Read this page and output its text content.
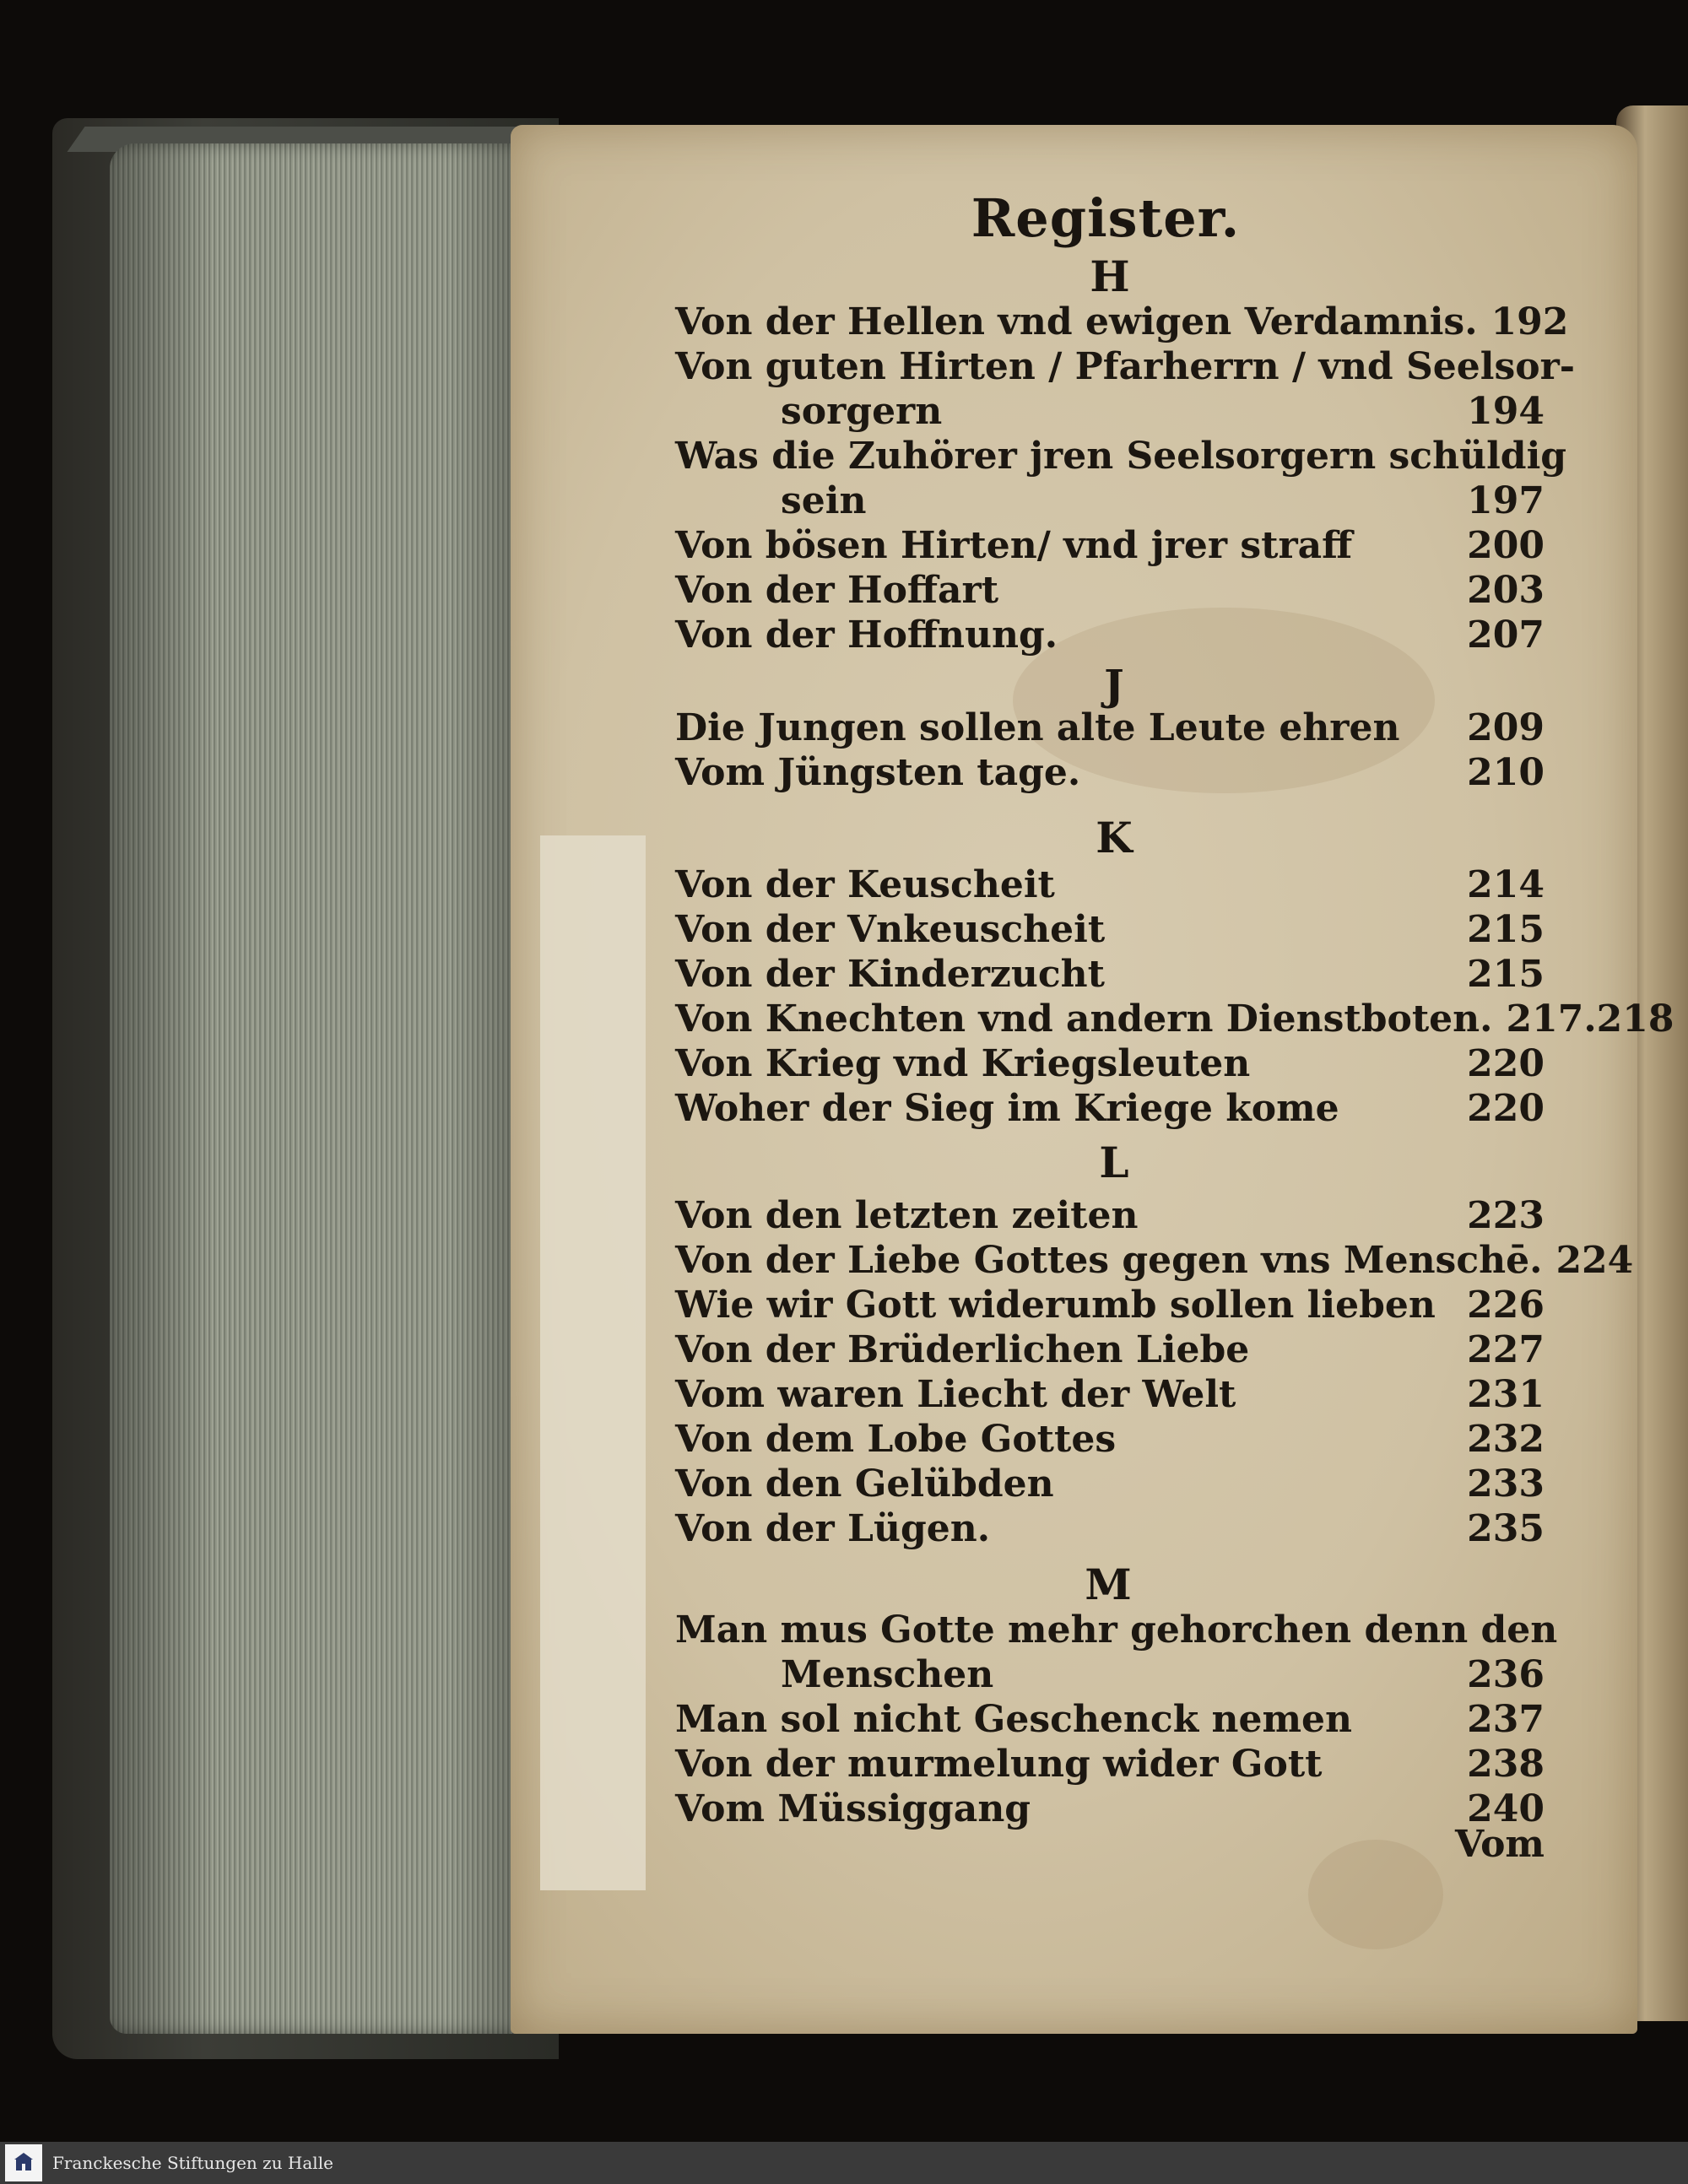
Register.
H
Von der Hellen vnd ewigen Verdamnis. 192
Von guten Hirten / Pfarherrn / vnd Seelsor-
sorgern	194
Was die Zuhörer jren Seelsorgern schüldig
sein	197
Von bösen Hirten/ vnd jrer straff	200
Von der Hoffart	203
Von der Hoffnung.	207
J
Die Jungen sollen alte Leute ehren 209
Vom Jüngsten tage.	210
K
Von der Keuscheit	214
Von der Vnkeuscheit	215
Von der Kinderzucht	215
Von Knechten vnd andern Dienstboten. 217.218
Von Krieg vnd Kriegsleuten	220
Woher der Sieg im Kriege kome	220
L
Von den letzten zeiten	223
Von der Liebe Gottes gegen vns Menschē. 224
Wie wir Gott widerumb sollen lieben 226
Von der Brüderlichen Liebe	227
Vom waren Liecht der Welt	231
Von dem Lobe Gottes	232
Von den Gelübden	233
Von der Lügen.	235
M
Man mus Gotte mehr gehorchen denn den
Menschen	236
Man sol nicht Geschenck nemen	237
Von der murmelung wider Gott	238
Vom Müssiggang	240
Vom
Franckesche Stiftungen zu Halle
